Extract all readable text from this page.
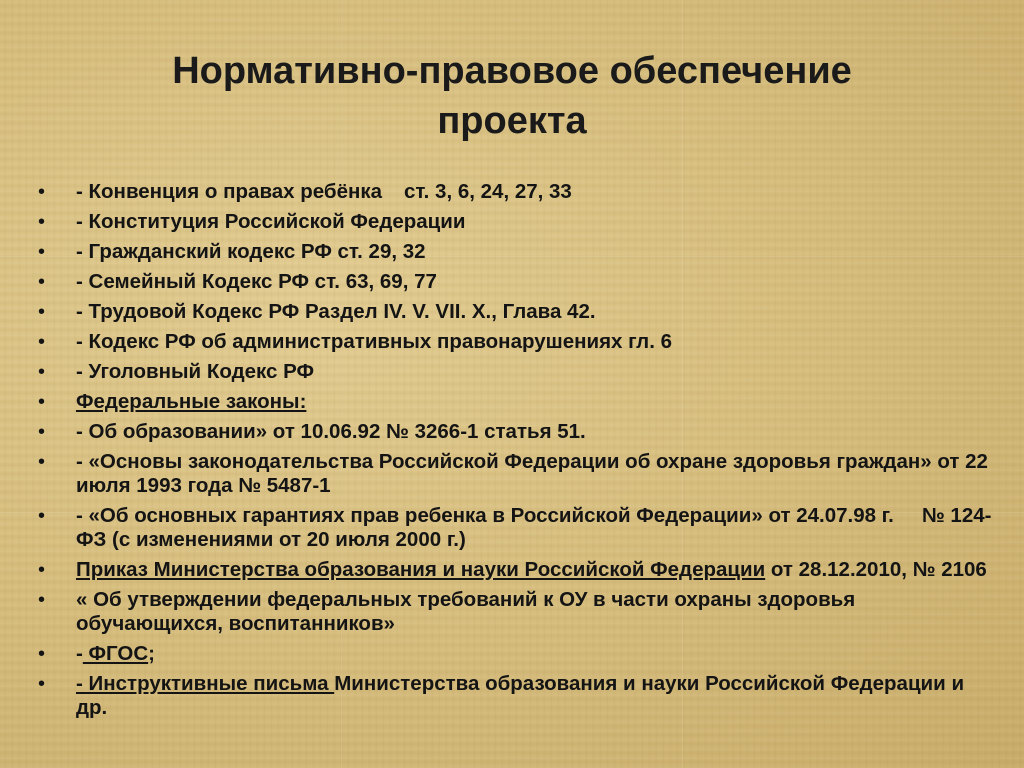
Нормативно-правовое обеспечение
проекта
• - Конвенция о правах ребёнка ст. 3, 6, 24, 27, 33
• - Конституция Российской Федерации
• - Гражданский кодекс РФ ст. 29, 32
• - Семейный Кодекс РФ ст. 63, 69, 77
• - Трудовой Кодекс РФ Раздел IV. V. VII. X., Глава 42.
• - Кодекс РФ об административных правонарушениях гл. 6
• - Уголовный Кодекс РФ
• Федеральные законы:
• - Об образовании» от 10.06.92 № 3266-1 статья 51.
• - «Основы законодательства Российской Федерации об охране здоровья граждан» от 22 июля 1993 года № 5487-1
• - «Об основных гарантиях прав ребенка в Российской Федерации» от 24.07.98 г. № 124-ФЗ (с изменениями от 20 июля 2000 г.)
• Приказ Министерства образования и науки Российской Федерации от 28.12.2010, № 2106
• « Об утверждении федеральных требований к ОУ в части охраны здоровья обучающихся, воспитанников»
• - ФГОС;
• - Инструктивные письма Министерства образования и науки Российской Федерации и др.
